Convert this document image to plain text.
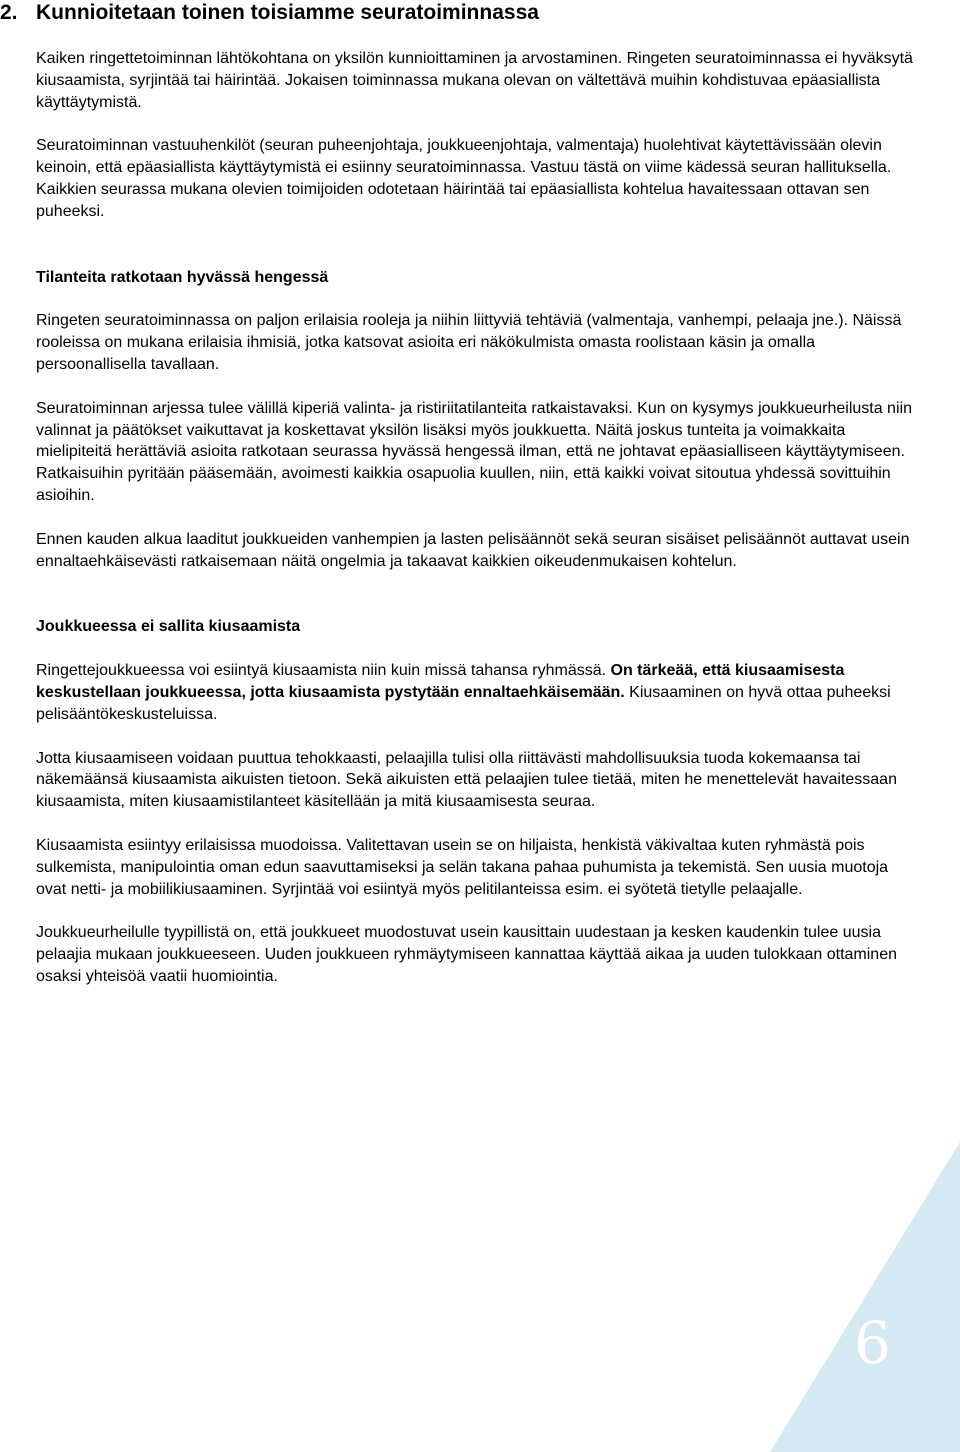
2. Kunnioitetaan toinen toisiamme seuratoiminnassa

Kaiken ringettetoiminnan lähtökohtana on yksilön kunnioittaminen ja arvostaminen. Ringeten seuratoiminnassa ei hyväksytä kiusaamista, syrjintää tai häirintää. Jokaisen toiminnassa mukana olevan on vältettävä muihin kohdistuvaa epäasiallista käyttäytymistä.

Seuratoiminnan vastuuhenkilöt (seuran puheenjohtaja, joukkueenjohtaja, valmentaja) huolehtivat käytettävissään olevin keinoin, että epäasiallista käyttäytymistä ei esiinny seuratoiminnassa. Vastuu tästä on viime kädessä seuran hallituksella. Kaikkien seurassa mukana olevien toimijoiden odotetaan häirintää tai epäasiallista kohtelua havaitessaan ottavan sen puheeksi.

Tilanteita ratkotaan hyvässä hengessä

Ringeten seuratoiminnassa on paljon erilaisia rooleja ja niihin liittyviä tehtäviä (valmentaja, vanhempi, pelaaja jne.). Näissä rooleissa on mukana erilaisia ihmisiä, jotka katsovat asioita eri näkökulmista omasta roolistaan käsin ja omalla persoonallisella tavallaan.

Seuratoiminnan arjessa tulee välillä kiperiä valinta- ja ristiriitatilanteita ratkaistavaksi. Kun on kysymys joukkueurheilusta niin valinnat ja päätökset vaikuttavat ja koskettavat yksilön lisäksi myös joukkuetta. Näitä joskus tunteita ja voimakkaita mielipiteitä herättäviä asioita ratkotaan seurassa hyvässä hengessä ilman, että ne johtavat epäasialliseen käyttäytymiseen. Ratkaisuihin pyritään pääsemään, avoimesti kaikkia osapuolia kuullen, niin, että kaikki voivat sitoutua yhdessä sovittuihin asioihin.

Ennen kauden alkua laaditut joukkueiden vanhempien ja lasten pelisäännöt sekä seuran sisäiset pelisäännöt auttavat usein ennaltaehkäisevästi ratkaisemaan näitä ongelmia ja takaavat kaikkien oikeudenmukaisen kohtelun.

Joukkueessa ei sallita kiusaamista

Ringettejoukkueessa voi esiintyä kiusaamista niin kuin missä tahansa ryhmässä. On tärkeää, että kiusaamisesta keskustellaan joukkueessa, jotta kiusaamista pystytään ennaltaehkäisemään. Kiusaaminen on hyvä ottaa puheeksi pelisääntökeskusteluissa.

Jotta kiusaamiseen voidaan puuttua tehokkaasti, pelaajilla tulisi olla riittävästi mahdollisuuksia tuoda kokemaansa tai näkemäänsä kiusaamista aikuisten tietoon. Sekä aikuisten että pelaajien tulee tietää, miten he menettelevät havaitessaan kiusaamista, miten kiusaamistilanteet käsitellään ja mitä kiusaamisesta seuraa.

Kiusaamista esiintyy erilaisissa muodoissa. Valitettavan usein se on hiljaista, henkistä väkivaltaa kuten ryhmästä pois sulkemista, manipulointia oman edun saavuttamiseksi ja selän takana pahaa puhumista ja tekemistä. Sen uusia muotoja ovat netti- ja mobiilikiusaaminen. Syrjintää voi esiintyä myös pelitilanteissa esim. ei syötetä tietylle pelaajalle.

Joukkueurheilulle tyypillistä on, että joukkueet muodostuvat usein kausittain uudestaan ja kesken kaudenkin tulee uusia pelaajia mukaan joukkueeseen. Uuden joukkueen ryhmäytymiseen kannattaa käyttää aikaa ja uuden tulokkaan ottaminen osaksi yhteisöä vaatii huomiointia.

6
